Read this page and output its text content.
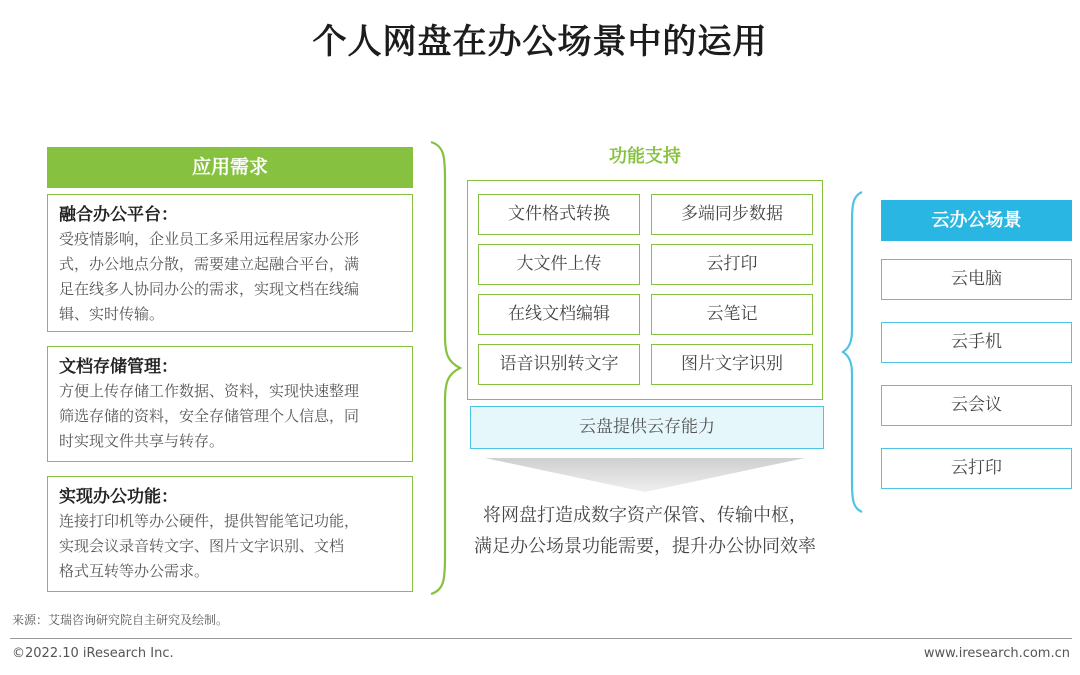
个人网盘在办公场景中的运用
应用需求
融合办公平台：
受疫情影响，企业员工多采用远程居家办公形
式，办公地点分散，需要建立起融合平台，满
足在线多人协同办公的需求，实现文档在线编
辑、实时传输。
文档存储管理：
方便上传存储工作数据、资料，实现快速整理
筛选存储的资料，安全存储管理个人信息，同
时实现文件共享与转存。
实现办公功能：
连接打印机等办公硬件，提供智能笔记功能，
实现会议录音转文字、图片文字识别、文档
格式互转等办公需求。
功能支持
文件格式转换	多端同步数据
大文件上传	云打印
在线文档编辑	云笔记
语音识别转文字	图片文字识别
云盘提供云存能力
将网盘打造成数字资产保管、传输中枢，
满足办公场景功能需要，提升办公协同效率
云办公场景
云电脑
云手机
云会议
云打印
来源：艾瑞咨询研究院自主研究及绘制。
©2022.10 iResearch Inc.	www.iresearch.com.cn
